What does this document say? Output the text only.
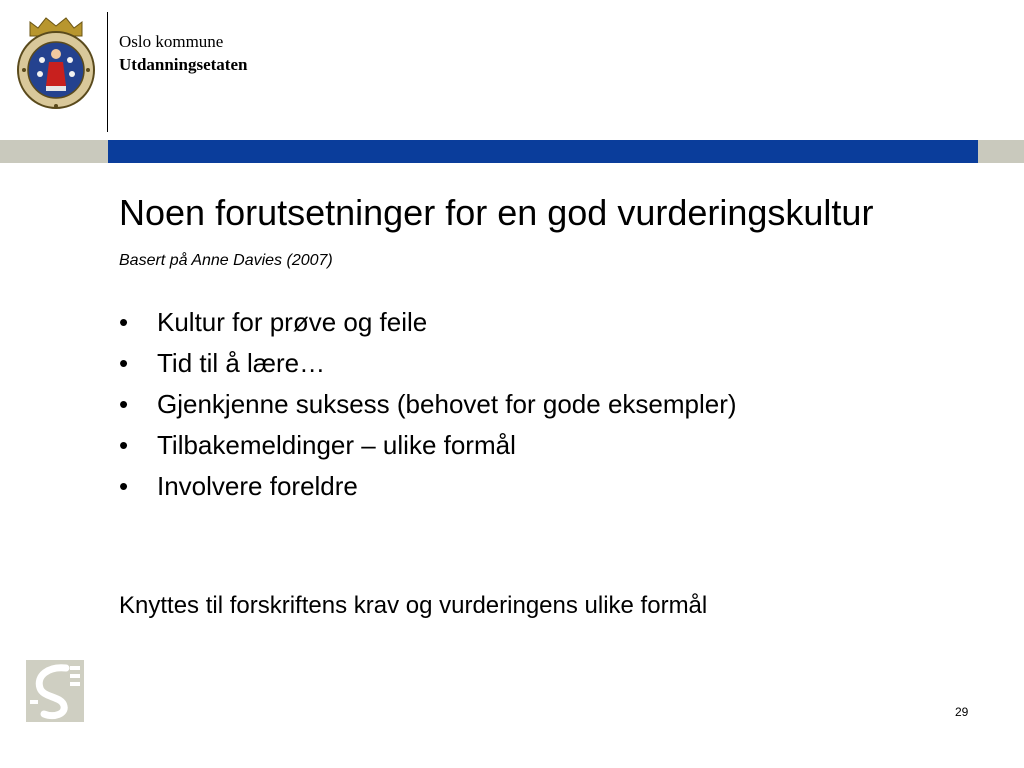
Oslo kommune
Utdanningsetaten
Noen forutsetninger for en god vurderingskultur
Basert på Anne Davies (2007)
•	Kultur for prøve og feile
•	Tid til å lære…
•	Gjenkjenne suksess (behovet for gode eksempler)
•	Tilbakemeldinger – ulike formål
•	Involvere foreldre
Knyttes til forskriftens krav og vurderingens ulike formål
29
